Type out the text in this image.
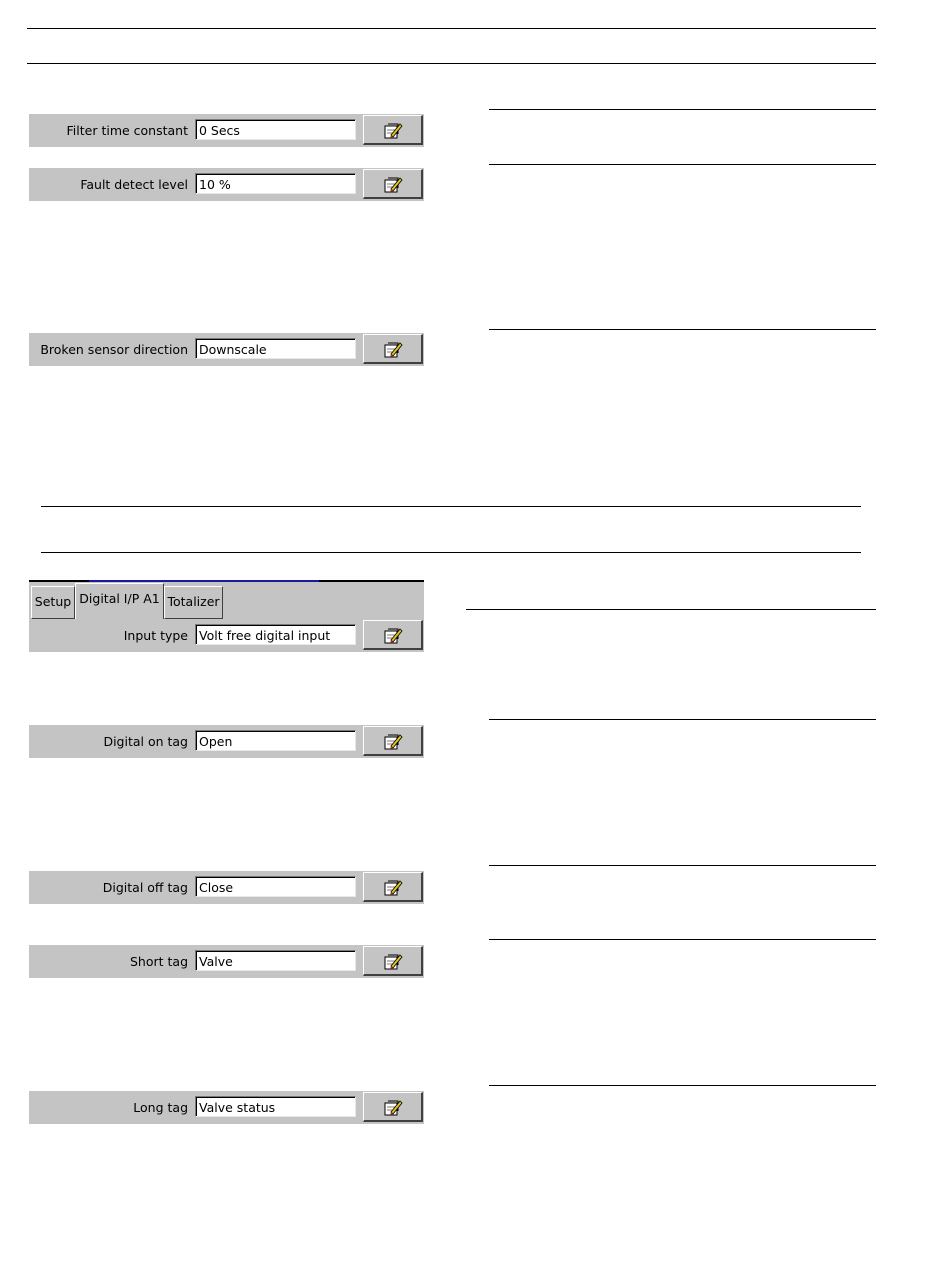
Filter time constant 0 Secs
Fault detect level 10 %
Broken sensor direction Downscale
Setup Digital I/P A1 Totalizer
Input type Volt free digital input
Digital on tag Open
Digital off tag Close
Short tag Valve
Long tag Valve status
